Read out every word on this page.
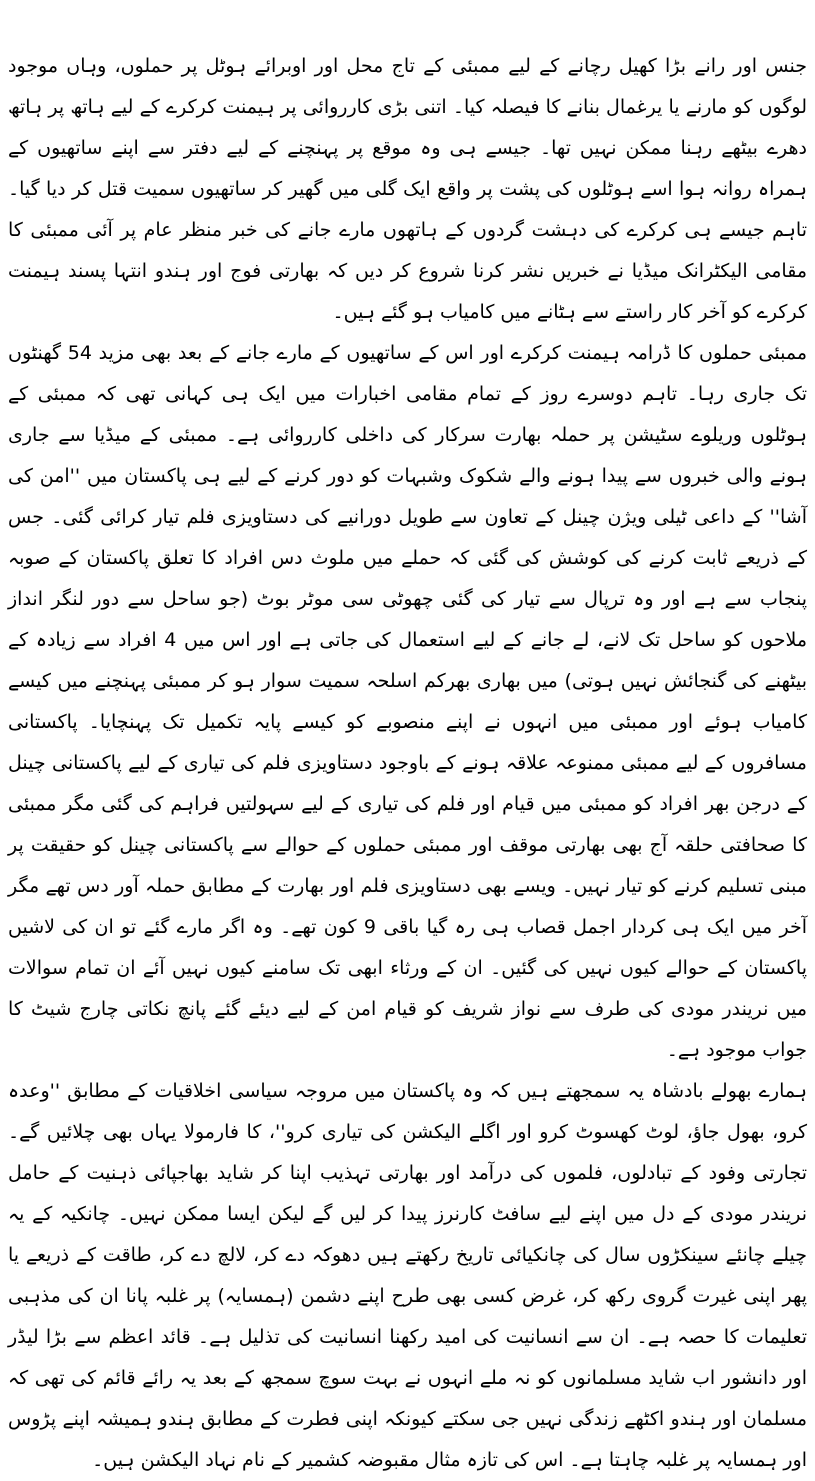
جنس اور رانے بڑا کھیل رچانے کے لیے ممبئی کے تاج محل اور اوبرائے ہوٹل پر حملوں، وہاں موجود لوگوں کو مارنے یا یرغمال بنانے کا فیصلہ کیا۔ اتنی بڑی کارروائی پر ہیمنت کرکرے کے لیے ہاتھ پر ہاتھ دھرے بیٹھے رہنا ممکن نہیں تھا۔ جیسے ہی وہ موقع پر پہنچنے کے لیے دفتر سے اپنے ساتھیوں کے ہمراہ روانہ ہوا اسے ہوٹلوں کی پشت پر واقع ایک گلی میں گھیر کر ساتھیوں سمیت قتل کر دیا گیا۔ تاہم جیسے ہی کرکرے کی دہشت گردوں کے ہاتھوں مارے جانے کی خبر منظر عام پر آئی ممبئی کا مقامی الیکٹرانک میڈیا نے خبریں نشر کرنا شروع کر دیں کہ بھارتی فوج اور ہندو انتہا پسند ہیمنت کرکرے کو آخر کار راستے سے ہٹانے میں کامیاب ہو گئے ہیں۔

ممبئی حملوں کا ڈرامہ ہیمنت کرکرے اور اس کے ساتھیوں کے مارے جانے کے بعد بھی مزید 54 گھنٹوں تک جاری رہا۔ تاہم دوسرے روز کے تمام مقامی اخبارات میں ایک ہی کہانی تھی کہ ممبئی کے ہوٹلوں وریلوے سٹیشن پر حملہ بھارت سرکار کی داخلی کارروائی ہے۔ ممبئی کے میڈیا سے جاری ہونے والی خبروں سے پیدا ہونے والے شکوک وشبہات کو دور کرنے کے لیے ہی پاکستان میں ''امن کی آشا'' کے داعی ٹیلی ویژن چینل کے تعاون سے طویل دورانیے کی دستاویزی فلم تیار کرائی گئی۔ جس کے ذریعے ثابت کرنے کی کوشش کی گئی کہ حملے میں ملوث دس افراد کا تعلق پاکستان کے صوبہ پنجاب سے ہے اور وہ ترپال سے تیار کی گئی چھوٹی سی موٹر بوٹ (جو ساحل سے دور لنگر انداز ملاحوں کو ساحل تک لانے، لے جانے کے لیے استعمال کی جاتی ہے اور اس میں 4 افراد سے زیادہ کے بیٹھنے کی گنجائش نہیں ہوتی) میں بھاری بھرکم اسلحہ سمیت سوار ہو کر ممبئی پہنچنے میں کیسے کامیاب ہوئے اور ممبئی میں انہوں نے اپنے منصوبے کو کیسے پایہ تکمیل تک پہنچایا۔ پاکستانی مسافروں کے لیے ممبئی ممنوعہ علاقہ ہونے کے باوجود دستاویزی فلم کی تیاری کے لیے پاکستانی چینل کے درجن بھر افراد کو ممبئی میں قیام اور فلم کی تیاری کے لیے سہولتیں فراہم کی گئی مگر ممبئی کا صحافتی حلقہ آج بھی بھارتی موقف اور ممبئی حملوں کے حوالے سے پاکستانی چینل کو حقیقت پر مبنی تسلیم کرنے کو تیار نہیں۔ ویسے بھی دستاویزی فلم اور بھارت کے مطابق حملہ آور دس تھے مگر آخر میں ایک ہی کردار اجمل قصاب ہی رہ گیا باقی 9 کون تھے۔ وہ اگر مارے گئے تو ان کی لاشیں پاکستان کے حوالے کیوں نہیں کی گئیں۔ ان کے ورثاء ابھی تک سامنے کیوں نہیں آئے ان تمام سوالات میں نریندر مودی کی طرف سے نواز شریف کو قیام امن کے لیے دیئے گئے پانچ نکاتی چارج شیٹ کا جواب موجود ہے۔

ہمارے بھولے بادشاہ یہ سمجھتے ہیں کہ وہ پاکستان میں مروجہ سیاسی اخلاقیات کے مطابق ''وعدہ کرو، بھول جاؤ، لوٹ کھسوٹ کرو اور اگلے الیکشن کی تیاری کرو''، کا فارمولا یہاں بھی چلائیں گے۔ تجارتی وفود کے تبادلوں، فلموں کی درآمد اور بھارتی تہذیب اپنا کر شاید بھاجپائی ذہنیت کے حامل نریندر مودی کے دل میں اپنے لیے سافٹ کارنرز پیدا کر لیں گے لیکن ایسا ممکن نہیں۔ چانکیہ کے یہ چیلے چانئے سینکڑوں سال کی چانکیائی تاریخ رکھتے ہیں دھوکہ دے کر، لالچ دے کر، طاقت کے ذریعے یا پھر اپنی غیرت گروی رکھ کر، غرض کسی بھی طرح اپنے دشمن (ہمسایہ) پر غلبہ پانا ان کی مذہبی تعلیمات کا حصہ ہے۔ ان سے انسانیت کی امید رکھنا انسانیت کی تذلیل ہے۔ قائد اعظم سے بڑا لیڈر اور دانشور اب شاید مسلمانوں کو نہ ملے انہوں نے بہت سوچ سمجھ کے بعد یہ رائے قائم کی تھی کہ مسلمان اور ہندو اکٹھے زندگی نہیں جی سکتے کیونکہ اپنی فطرت کے مطابق ہندو ہمیشہ اپنے پڑوس اور ہمسایہ پر غلبہ چاہتا ہے۔ اس کی تازہ مثال مقبوضہ کشمیر کے نام نہاد الیکشن ہیں۔
